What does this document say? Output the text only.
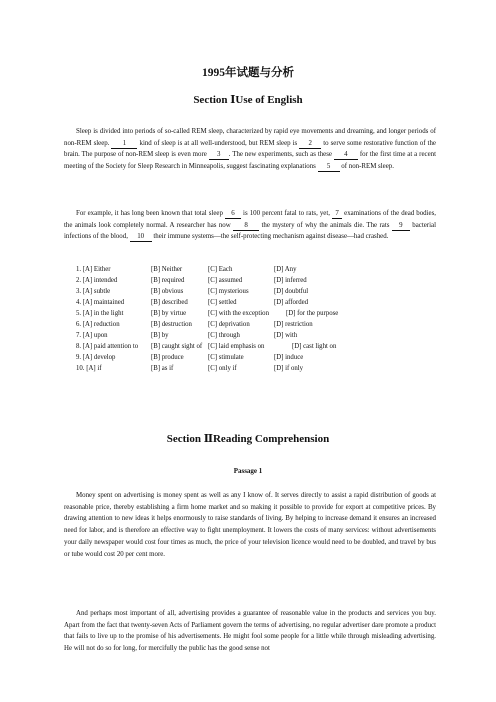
1995年试题与分析
Section ⅠUse of English

Sleep is divided into periods of so-called REM sleep, characterized by rapid eye movements and dreaming, and longer periods of non-REM sleep. 1 kind of sleep is at all well-understood, but REM sleep is 2 to serve some restorative function of the brain. The purpose of non-REM sleep is even more 3 . The new experiments, such as these 4 for the first time at a recent meeting of the Society for Sleep Research in Minneapolis, suggest fascinating explanations 5 of non-REM sleep.

For example, it has long been known that total sleep 6 is 100 percent fatal to rats, yet, 7 examinations of the dead bodies, the animals look completely normal. A researcher has now 8 the mystery of why the animals die. The rats 9 bacterial infections of the blood, 10 their immune systems—the self-protecting mechanism against disease—had crashed.

1. [A] Either	[B] Neither	[C] Each	[D] Any
2. [A] intended	[B] required	[C] assumed	[D] inferred
3. [A] subtle	[B] obvious	[C] mysterious	[D] doubtful
4. [A] maintained	[B] described	[C] settled	[D] afforded
5. [A] in the light	[B] by virtue	[C] with the exception	[D] for the purpose
6. [A] reduction	[B] destruction [C] deprivation	[D] restriction
7. [A] upon	[B] by	[C] through	[D] with
8. [A] paid attention to [B] caught sight of [C] laid emphasis on	[D] cast light on
9. [A] develop	[B] produce	[C] stimulate	[D] induce
10. [A] if	[B] as if	[C] only if	[D] if only
Section ⅡReading Comprehension
Passage 1

Money spent on advertising is money spent as well as any I know of. It serves directly to assist a rapid distribution of goods at reasonable price, thereby establishing a firm home market and so making it possible to provide for export at competitive prices. By drawing attention to new ideas it helps enormously to raise standards of living. By helping to increase demand it ensures an increased need for labor, and is therefore an effective way to fight unemployment. It lowers the costs of many services: without advertisements your daily newspaper would cost four times as much, the price of your television licence would need to be doubled, and travel by bus or tube would cost 20 per cent more.

And perhaps most important of all, advertising provides a guarantee of reasonable value in the products and services you buy. Apart from the fact that twenty-seven Acts of Parliament govern the terms of advertising, no regular advertiser dare promote a product that fails to live up to the promise of his advertisements. He might fool some people for a little while through misleading advertising. He will not do so for long, for mercifully the public has the good sense not
